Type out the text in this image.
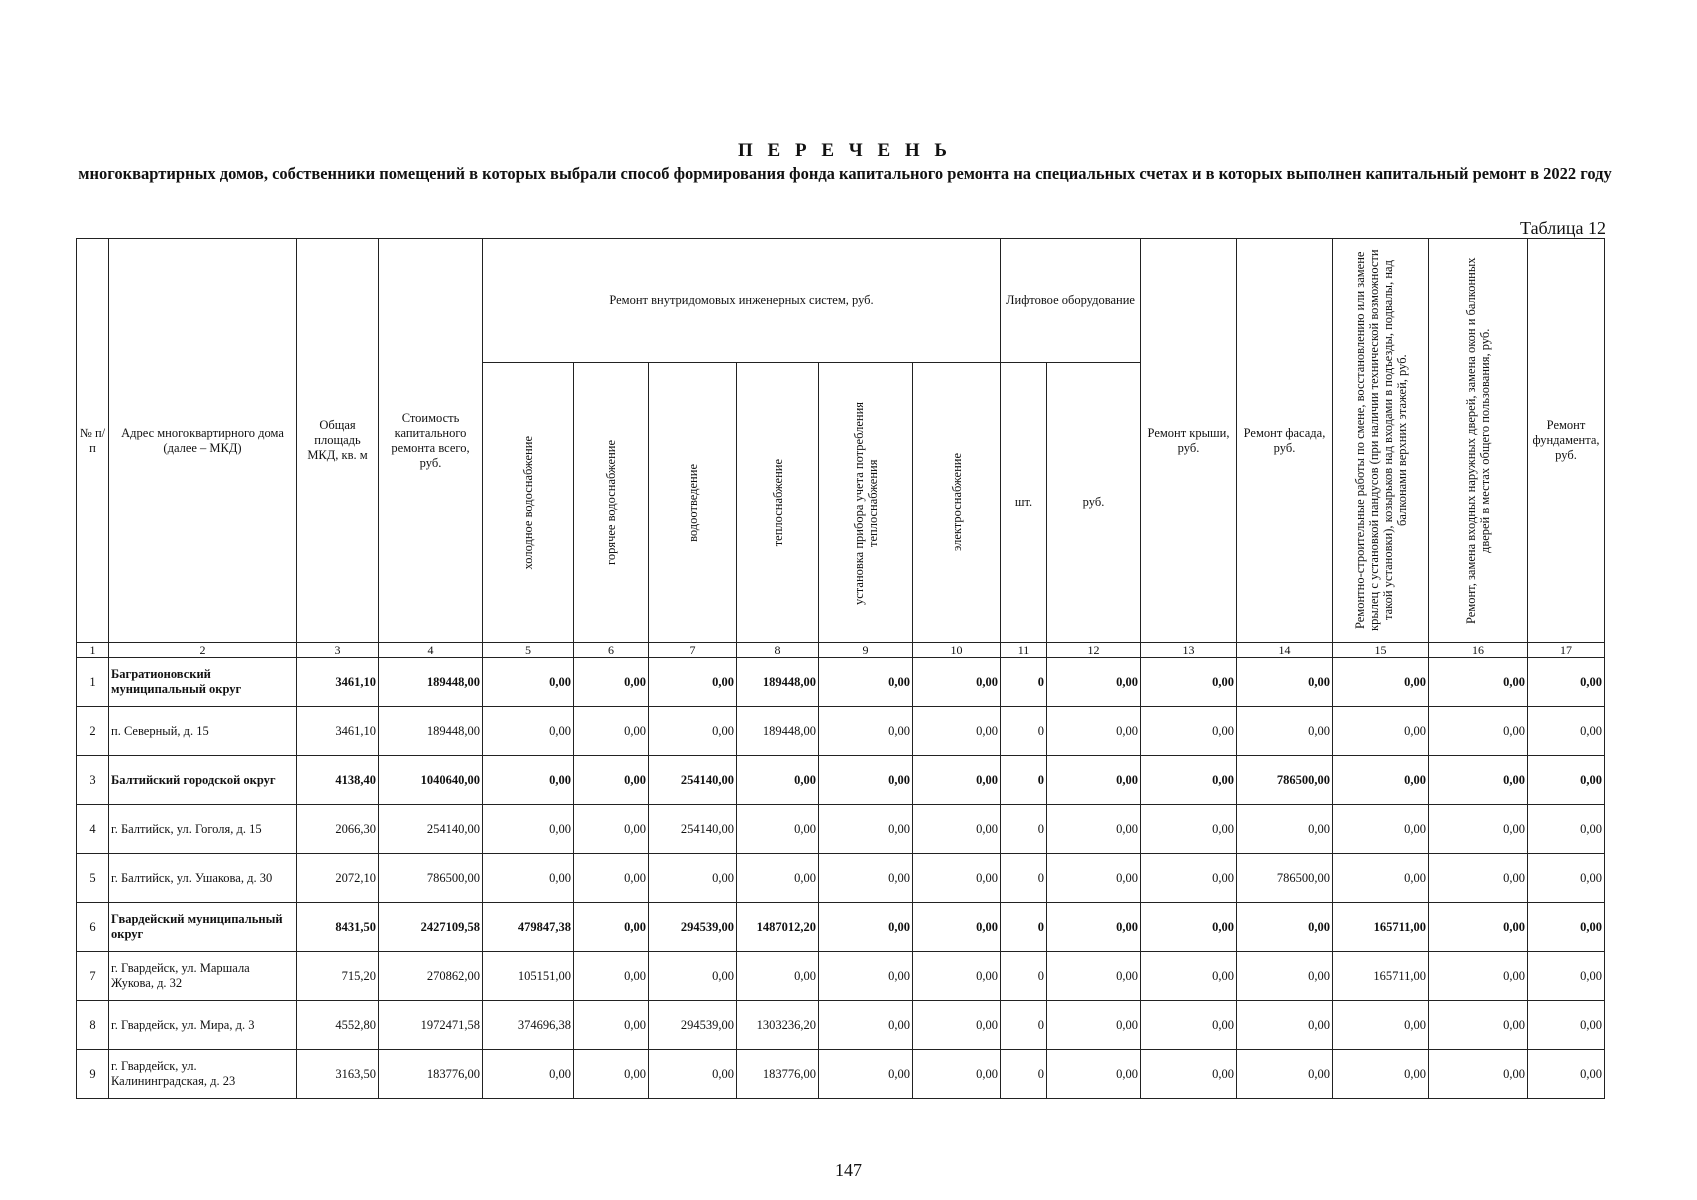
П Е Р Е Ч Е Н Ь

многоквартирных домов, собственники помещений в которых выбрали способ формирования фонда капитального ремонта на специальных счетах и в которых выполнен капитальный ремонт в 2022 году

Таблица 12
№ п/п	Адрес многоквартирного дома (далее – МКД)	Общая площадь МКД, кв. м	Стоимость капитального ремонта всего, руб.	Ремонт внутридомовых инженерных систем, руб.						Лифтовое оборудование		Ремонт крыши, руб.	Ремонт фасада, руб.	Ремонтно-строительные работы по смене, восстановлению или замене крылец с установкой пандусов (при наличии технической возможности такой установки), козырьков над входами в подъезды, подвалы, над балконами верхних этажей, руб.	Ремонт, замена входных наружных дверей, замена окон и балконных дверей в местах общего пользования, руб.	Ремонт фундамента, руб.

				холодное водоснабжение	горячее водоснабжение	водоотведение	теплоснабжение	установка прибора учета потребления теплоснабжения	электроснабжение	шт.	руб.					
1	2	3	4	5	6	7	8	9	10	11	12	13	14	15	16	17
1	Багратионовский муниципальный округ	3461,10	189448,00	0,00	0,00	0,00	189448,00	0,00	0,00	0	0,00	0,00	0,00	0,00	0,00	0,00
2	п. Северный, д. 15	3461,10	189448,00	0,00	0,00	0,00	189448,00	0,00	0,00	0	0,00	0,00	0,00	0,00	0,00	0,00
3	Балтийский городской округ	4138,40	1040640,00	0,00	0,00	254140,00	0,00	0,00	0,00	0	0,00	0,00	786500,00	0,00	0,00	0,00
4	г. Балтийск, ул. Гоголя, д. 15	2066,30	254140,00	0,00	0,00	254140,00	0,00	0,00	0,00	0	0,00	0,00	0,00	0,00	0,00	0,00
5	г. Балтийск, ул. Ушакова, д. 30	2072,10	786500,00	0,00	0,00	0,00	0,00	0,00	0,00	0	0,00	0,00	786500,00	0,00	0,00	0,00
6	Гвардейский муниципальный округ	8431,50	2427109,58	479847,38	0,00	294539,00	1487012,20	0,00	0,00	0	0,00	0,00	0,00	165711,00	0,00	0,00
7	г. Гвардейск, ул. Маршала Жукова, д. 32	715,20	270862,00	105151,00	0,00	0,00	0,00	0,00	0,00	0	0,00	0,00	0,00	165711,00	0,00	0,00
8	г. Гвардейск, ул. Мира, д. 3	4552,80	1972471,58	374696,38	0,00	294539,00	1303236,20	0,00	0,00	0	0,00	0,00	0,00	0,00	0,00	0,00
9	г. Гвардейск, ул. Калининградская, д. 23	3163,50	183776,00	0,00	0,00	0,00	183776,00	0,00	0,00	0	0,00	0,00	0,00	0,00	0,00	0,00
147
